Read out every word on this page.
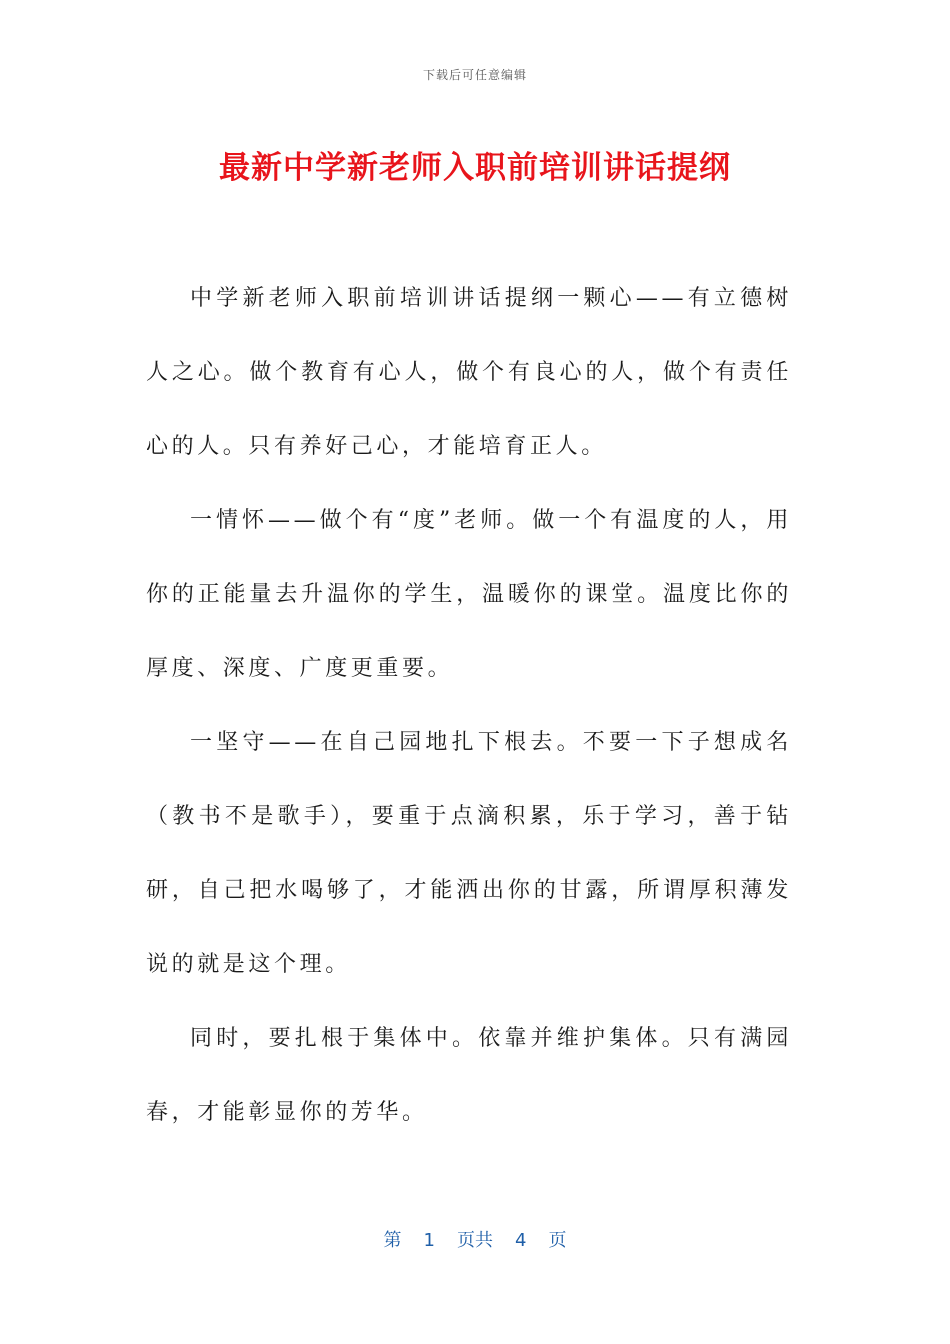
下载后可任意编辑
最新中学新老师入职前培训讲话提纲

中学新老师入职前培训讲话提纲一颗心——有立德树人之心。做个教育有心人，做个有良心的人，做个有责任心的人。只有养好己心，才能培育正人。

一情怀——做个有“度”老师。做一个有温度的人，用你的正能量去升温你的学生，温暖你的课堂。温度比你的厚度、深度、广度更重要。

一坚守——在自己园地扎下根去。不要一下子想成名（教书不是歌手），要重于点滴积累，乐于学习，善于钻研，自己把水喝够了，才能洒出你的甘露，所谓厚积薄发说的就是这个理。

同时，要扎根于集体中。依靠并维护集体。只有满园春，才能彰显你的芳华。

第 1 页共 4 页
